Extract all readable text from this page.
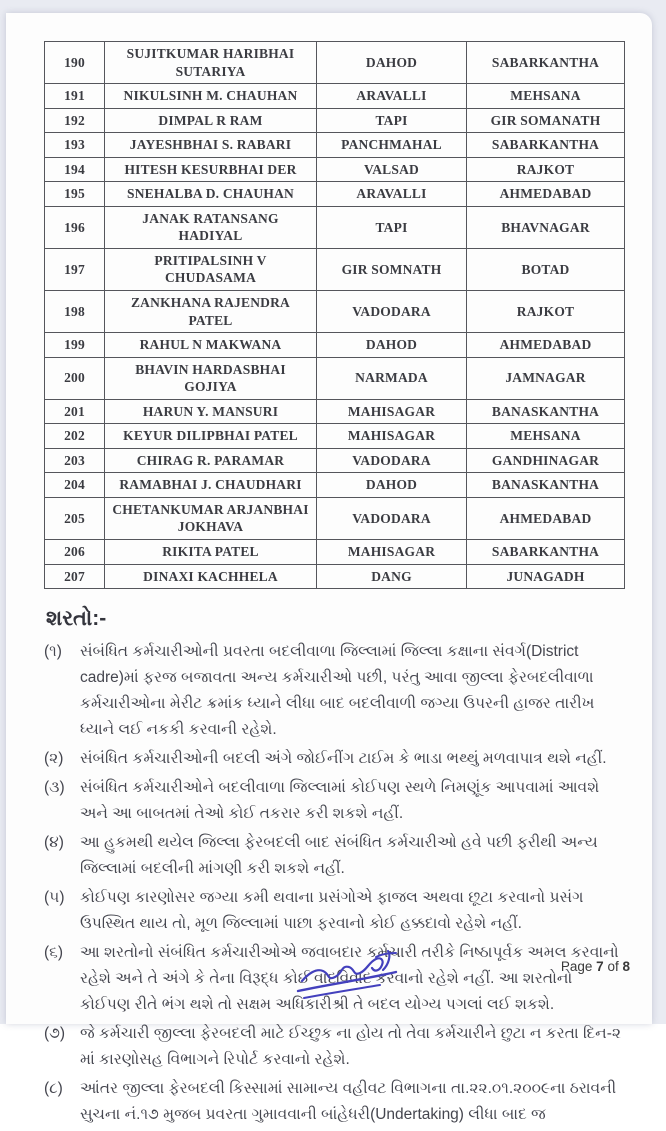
190	SUJITKUMAR HARIBHAI SUTARIYA	DAHOD	SABARKANTHA
191	NIKULSINH M. CHAUHAN	ARAVALLI	MEHSANA
192	DIMPAL R RAM	TAPI	GIR SOMANATH
193	JAYESHBHAI S. RABARI	PANCHMAHAL	SABARKANTHA
194	HITESH KESURBHAI DER	VALSAD	RAJKOT
195	SNEHALBA D. CHAUHAN	ARAVALLI	AHMEDABAD
196	JANAK RATANSANG HADIYAL	TAPI	BHAVNAGAR
197	PRITIPALSINH V CHUDASAMA	GIR SOMNATH	BOTAD
198	ZANKHANA RAJENDRA PATEL	VADODARA	RAJKOT
199	RAHUL N MAKWANA	DAHOD	AHMEDABAD
200	BHAVIN HARDASBHAI GOJIYA	NARMADA	JAMNAGAR
201	HARUN Y. MANSURI	MAHISAGAR	BANASKANTHA
202	KEYUR DILIPBHAI PATEL	MAHISAGAR	MEHSANA
203	CHIRAG R. PARAMAR	VADODARA	GANDHINAGAR
204	RAMABHAI J. CHAUDHARI	DAHOD	BANASKANTHA
205	CHETANKUMAR ARJANBHAI JOKHAVA	VADODARA	AHMEDABAD
206	RIKITA PATEL	MAHISAGAR	SABARKANTHA
207	DINAXI KACHHELA	DANG	JUNAGADH
શરતો:-
(૧)	સંબંધિત કર્મચારીઓની પ્રવરતા બદલીવાળા જિલ્લામાં જિલ્લા કક્ષાના સંવર્ગ(District cadre)માં ફરજ બજાવતા અન્ય કર્મચારીઓ પછી, પરંતુ આવા જીલ્લા ફેરબદલીવાળા કર્મચારીઓના મેરીટ ક્રમાંક ધ્યાને લીધા બાદ બદલીવાળી જગ્યા ઉપરની હાજર તારીખ ધ્યાને લઈ નકકી કરવાની રહેશે.
(૨)	સંબંધિત કર્મચારીઓની બદલી અંગે જોઈનીંગ ટાઈમ કે ભાડા ભથ્થું મળવાપાત્ર થશે નહીં.
(૩) સંબંધિત કર્મચારીઓને બદલીવાળા જિલ્લામાં કોઈપણ સ્થળે નિમણૂંક આપવામાં આવશે અને આ બાબતમાં તેઓ કોઈ તકરાર કરી શકશે નહીં.
(૪)	આ હુકમથી થયેલ જિલ્લા ફેરબદલી બાદ સંબંધિત કર્મચારીઓ હવે પછી ફરીથી અન્ય જિલ્લામાં બદલીની માંગણી કરી શકશે નહીં.
(૫) કોઈપણ કારણોસર જગ્યા કમી થવાના પ્રસંગોએ ફાજલ અથવા છૂટા કરવાનો પ્રસંગ ઉપસ્થિત થાય તો, મૂળ જિલ્લામાં પાછા ફરવાનો કોઈ હક્કદાવો રહેશે નહીં.
(૬)	આ શરતોનો સંબંધિત કર્મચારીઓએ જવાબદાર કર્મચારી તરીકે નિષ્ઠાપૂર્વક અમલ કરવાનો રહેશે અને તે અંગે કે તેના વિરૂદ્ધ કોઈ વાદવિવાદ કરવાનો રહેશે નહીં. આ શરતોનો કોઈપણ રીતે ભંગ થશે તો સક્ષમ અધિકારીશ્રી તે બદલ યોગ્ય પગલાં લઈ શકશે.
(૭) જે કર્મચારી જીલ્લા ફેરબદલી માટે ઈચ્છુક ના હોય તો તેવા કર્મચારીને છુટા ન કરતા દિન-૨ માં કારણોસહ વિભાગને રિપોર્ટ કરવાનો રહેશે.
(૮)	આંતર જીલ્લા ફેરબદલી કિસ્સામાં સામાન્ય વહીવટ વિભાગના તા.૨૨.૦૧.૨૦૦૯ના ઠરાવની સુચના નં.૧૭ મુજબ પ્રવરતા ગુમાવવાની બાંહેધરી(Undertaking) લીધા બાદ જ
Page 7 of 8
